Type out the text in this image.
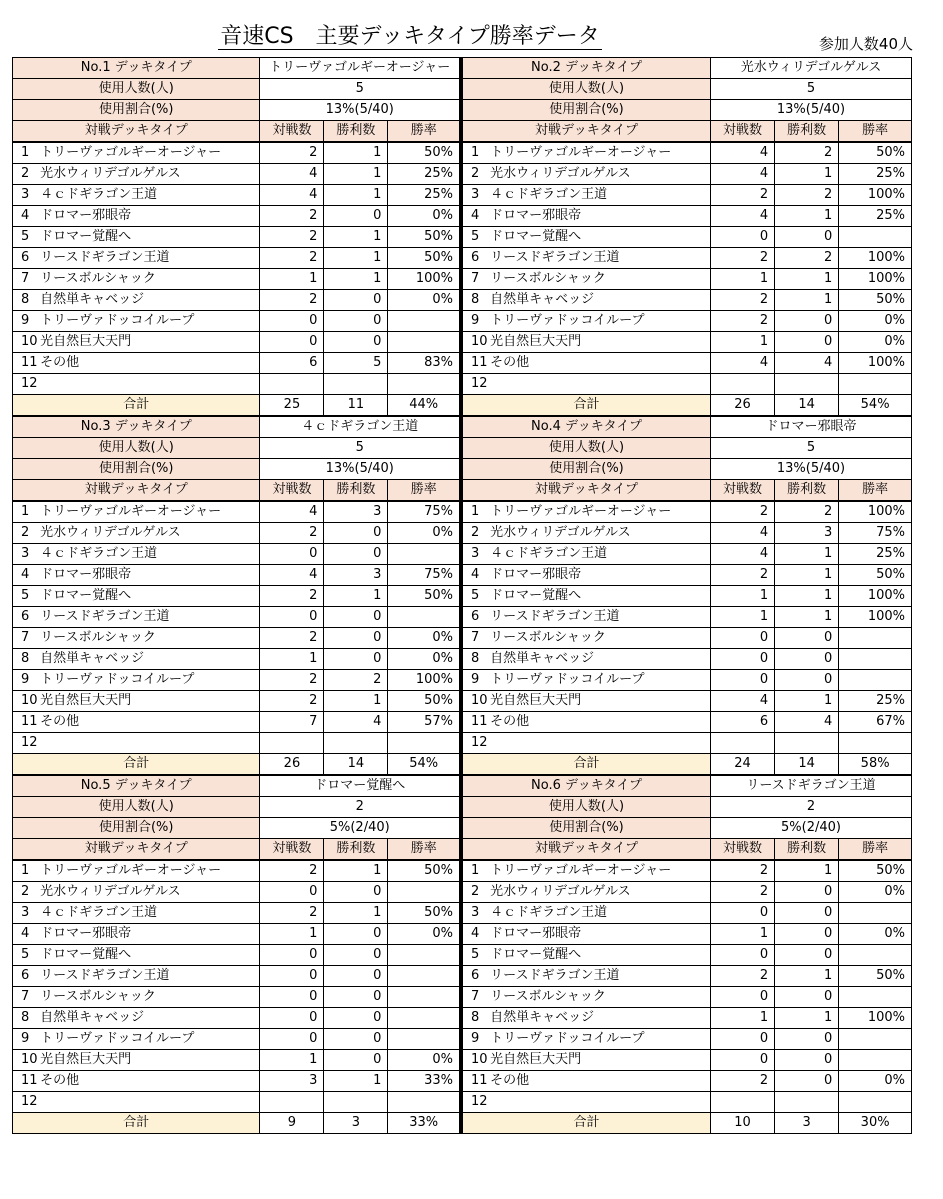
音速CS　主要デッキタイプ勝率データ	参加人数40人
No.1 デッキタイプ		トリーヴァゴルギーオージャー		
使用人数(人)		5		
使用割合(%)		13%(5/40)		
対戦デッキタイプ		対戦数	勝利数	勝率
1	トリーヴァゴルギーオージャー	2	1	50%
2	光水ウィリデゴルゲルス	4	1	25%
3	４ｃドギラゴン王道	4	1	25%
4	ドロマー邪眼帝	2	0	0%
5	ドロマー覚醒へ	2	1	50%
6	リースドギラゴン王道	2	1	50%
7	リースボルシャック	1	1	100%
8	自然単キャベッジ	2	0	0%
9	トリーヴァドッコイループ	0	0	
10	光自然巨大天門	0	0	
11	その他	6	5	83%
12				
合計		25	11	44%
No.2 デッキタイプ		光水ウィリデゴルゲルス		
使用人数(人)		5		
使用割合(%)		13%(5/40)		
対戦デッキタイプ		対戦数	勝利数	勝率
1	トリーヴァゴルギーオージャー	4	2	50%
2	光水ウィリデゴルゲルス	4	1	25%
3	４ｃドギラゴン王道	2	2	100%
4	ドロマー邪眼帝	4	1	25%
5	ドロマー覚醒へ	0	0	
6	リースドギラゴン王道	2	2	100%
7	リースボルシャック	1	1	100%
8	自然単キャベッジ	2	1	50%
9	トリーヴァドッコイループ	2	0	0%
10	光自然巨大天門	1	0	0%
11	その他	4	4	100%
12				
合計		26	14	54%
No.3 デッキタイプ		４ｃドギラゴン王道		
使用人数(人)		5		
使用割合(%)		13%(5/40)		
対戦デッキタイプ		対戦数	勝利数	勝率
1	トリーヴァゴルギーオージャー	4	3	75%
2	光水ウィリデゴルゲルス	2	0	0%
3	４ｃドギラゴン王道	0	0	
4	ドロマー邪眼帝	4	3	75%
5	ドロマー覚醒へ	2	1	50%
6	リースドギラゴン王道	0	0	
7	リースボルシャック	2	0	0%
8	自然単キャベッジ	1	0	0%
9	トリーヴァドッコイループ	2	2	100%
10	光自然巨大天門	2	1	50%
11	その他	7	4	57%
12				
合計		26	14	54%
No.4 デッキタイプ		ドロマー邪眼帝		
使用人数(人)		5		
使用割合(%)		13%(5/40)		
対戦デッキタイプ		対戦数	勝利数	勝率
1	トリーヴァゴルギーオージャー	2	2	100%
2	光水ウィリデゴルゲルス	4	3	75%
3	４ｃドギラゴン王道	4	1	25%
4	ドロマー邪眼帝	2	1	50%
5	ドロマー覚醒へ	1	1	100%
6	リースドギラゴン王道	1	1	100%
7	リースボルシャック	0	0	
8	自然単キャベッジ	0	0	
9	トリーヴァドッコイループ	0	0	
10	光自然巨大天門	4	1	25%
11	その他	6	4	67%
12				
合計		24	14	58%
No.5 デッキタイプ		ドロマー覚醒へ		
使用人数(人)		2		
使用割合(%)		5%(2/40)		
対戦デッキタイプ		対戦数	勝利数	勝率
1	トリーヴァゴルギーオージャー	2	1	50%
2	光水ウィリデゴルゲルス	0	0	
3	４ｃドギラゴン王道	2	1	50%
4	ドロマー邪眼帝	1	0	0%
5	ドロマー覚醒へ	0	0	
6	リースドギラゴン王道	0	0	
7	リースボルシャック	0	0	
8	自然単キャベッジ	0	0	
9	トリーヴァドッコイループ	0	0	
10	光自然巨大天門	1	0	0%
11	その他	3	1	33%
12				
合計		9	3	33%
No.6 デッキタイプ		リースドギラゴン王道		
使用人数(人)		2		
使用割合(%)		5%(2/40)		
対戦デッキタイプ		対戦数	勝利数	勝率
1	トリーヴァゴルギーオージャー	2	1	50%
2	光水ウィリデゴルゲルス	2	0	0%
3	４ｃドギラゴン王道	0	0	
4	ドロマー邪眼帝	1	0	0%
5	ドロマー覚醒へ	0	0	
6	リースドギラゴン王道	2	1	50%
7	リースボルシャック	0	0	
8	自然単キャベッジ	1	1	100%
9	トリーヴァドッコイループ	0	0	
10	光自然巨大天門	0	0	
11	その他	2	0	0%
12				
合計		10	3	30%
